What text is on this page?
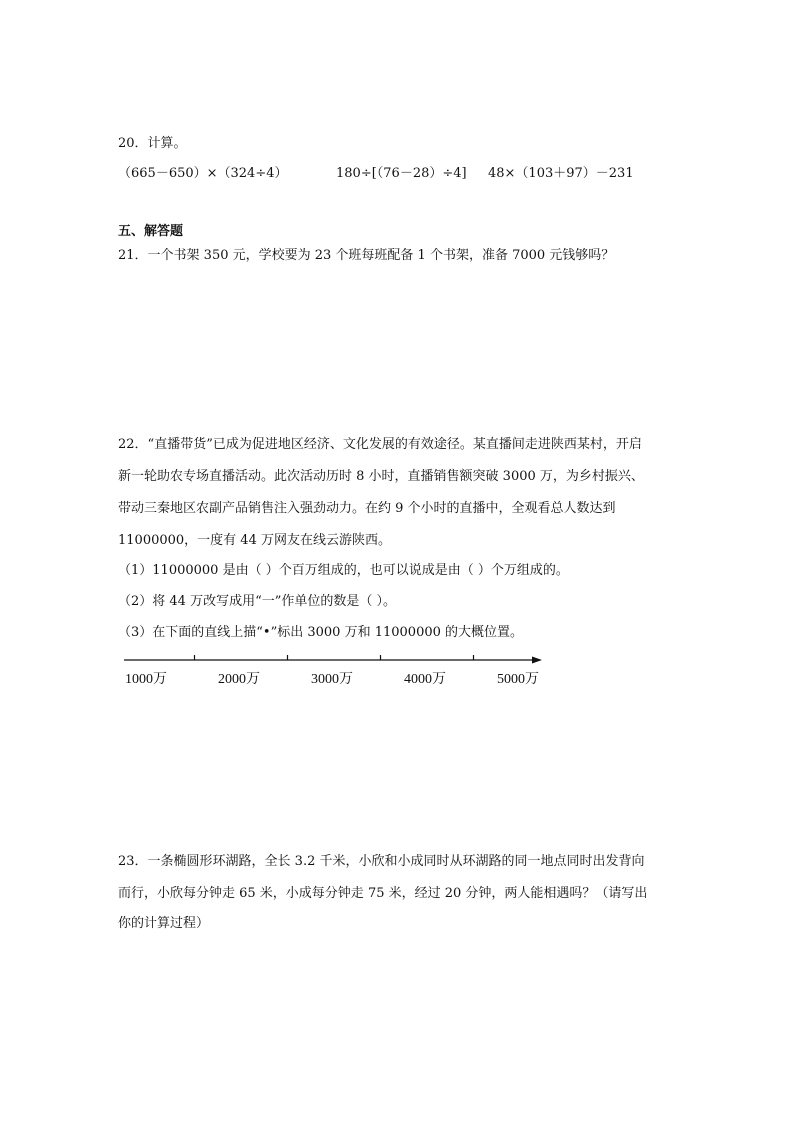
20．计算。
（665－650）×（324÷4）	180÷[（76－28）÷4] 48×（103＋97）－231
五、解答题
21．一个书架 350 元，学校要为 23 个班每班配备 1 个书架，准备 7000 元钱够吗？
22．“直播带货”已成为促进地区经济、文化发展的有效途径。某直播间走进陕西某村，开启
新一轮助农专场直播活动。此次活动历时 8 小时，直播销售额突破 3000 万，为乡村振兴、
带动三秦地区农副产品销售注入强劲动力。在约 9 个小时的直播中，全观看总人数达到
11000000，一度有 44 万网友在线云游陕西。
（1）11000000 是由（ ）个百万组成的，也可以说成是由（ ）个万组成的。
（2）将 44 万改写成用“一”作单位的数是（ ）。
（3）在下面的直线上描“•”标出 3000 万和 11000000 的大概位置。
1000万	2000万	3000万	4000万	5000万
23．一条椭圆形环湖路，全长 3.2 千米，小欣和小成同时从环湖路的同一地点同时出发背向
而行，小欣每分钟走 65 米，小成每分钟走 75 米，经过 20 分钟，两人能相遇吗？（请写出
你的计算过程）
